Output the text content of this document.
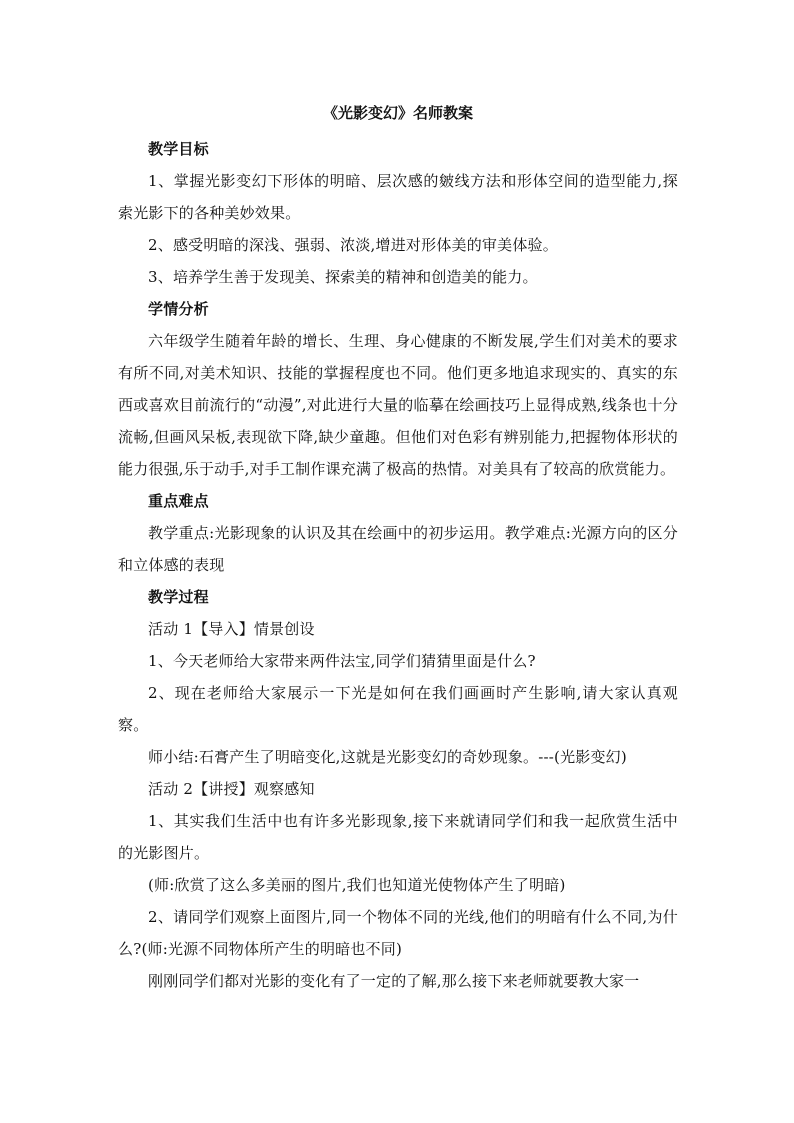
《光影变幻》名师教案
教学目标
1、掌握光影变幻下形体的明暗、层次感的皴线方法和形体空间的造型能力,探索光影下的各种美妙效果。
2、感受明暗的深浅、强弱、浓淡,增进对形体美的审美体验。
3、培养学生善于发现美、探索美的精神和创造美的能力。
学情分析
六年级学生随着年龄的增长、生理、身心健康的不断发展,学生们对美术的要求有所不同,对美术知识、技能的掌握程度也不同。他们更多地追求现实的、真实的东西或喜欢目前流行的“动漫”,对此进行大量的临摹在绘画技巧上显得成熟,线条也十分流畅,但画风呆板,表现欲下降,缺少童趣。但他们对色彩有辨别能力,把握物体形状的能力很强,乐于动手,对手工制作课充满了极高的热情。对美具有了较高的欣赏能力。
重点难点
教学重点:光影现象的认识及其在绘画中的初步运用。教学难点:光源方向的区分和立体感的表现
教学过程
活动 1【导入】情景创设
1、今天老师给大家带来两件法宝,同学们猜猜里面是什么?
2、现在老师给大家展示一下光是如何在我们画画时产生影响,请大家认真观察。
师小结:石膏产生了明暗变化,这就是光影变幻的奇妙现象。---(光影变幻)
活动 2【讲授】观察感知
1、其实我们生活中也有许多光影现象,接下来就请同学们和我一起欣赏生活中的光影图片。
(师:欣赏了这么多美丽的图片,我们也知道光使物体产生了明暗)
2、请同学们观察上面图片,同一个物体不同的光线,他们的明暗有什么不同,为什么?(师:光源不同物体所产生的明暗也不同)
刚刚同学们都对光影的变化有了一定的了解,那么接下来老师就要教大家一
